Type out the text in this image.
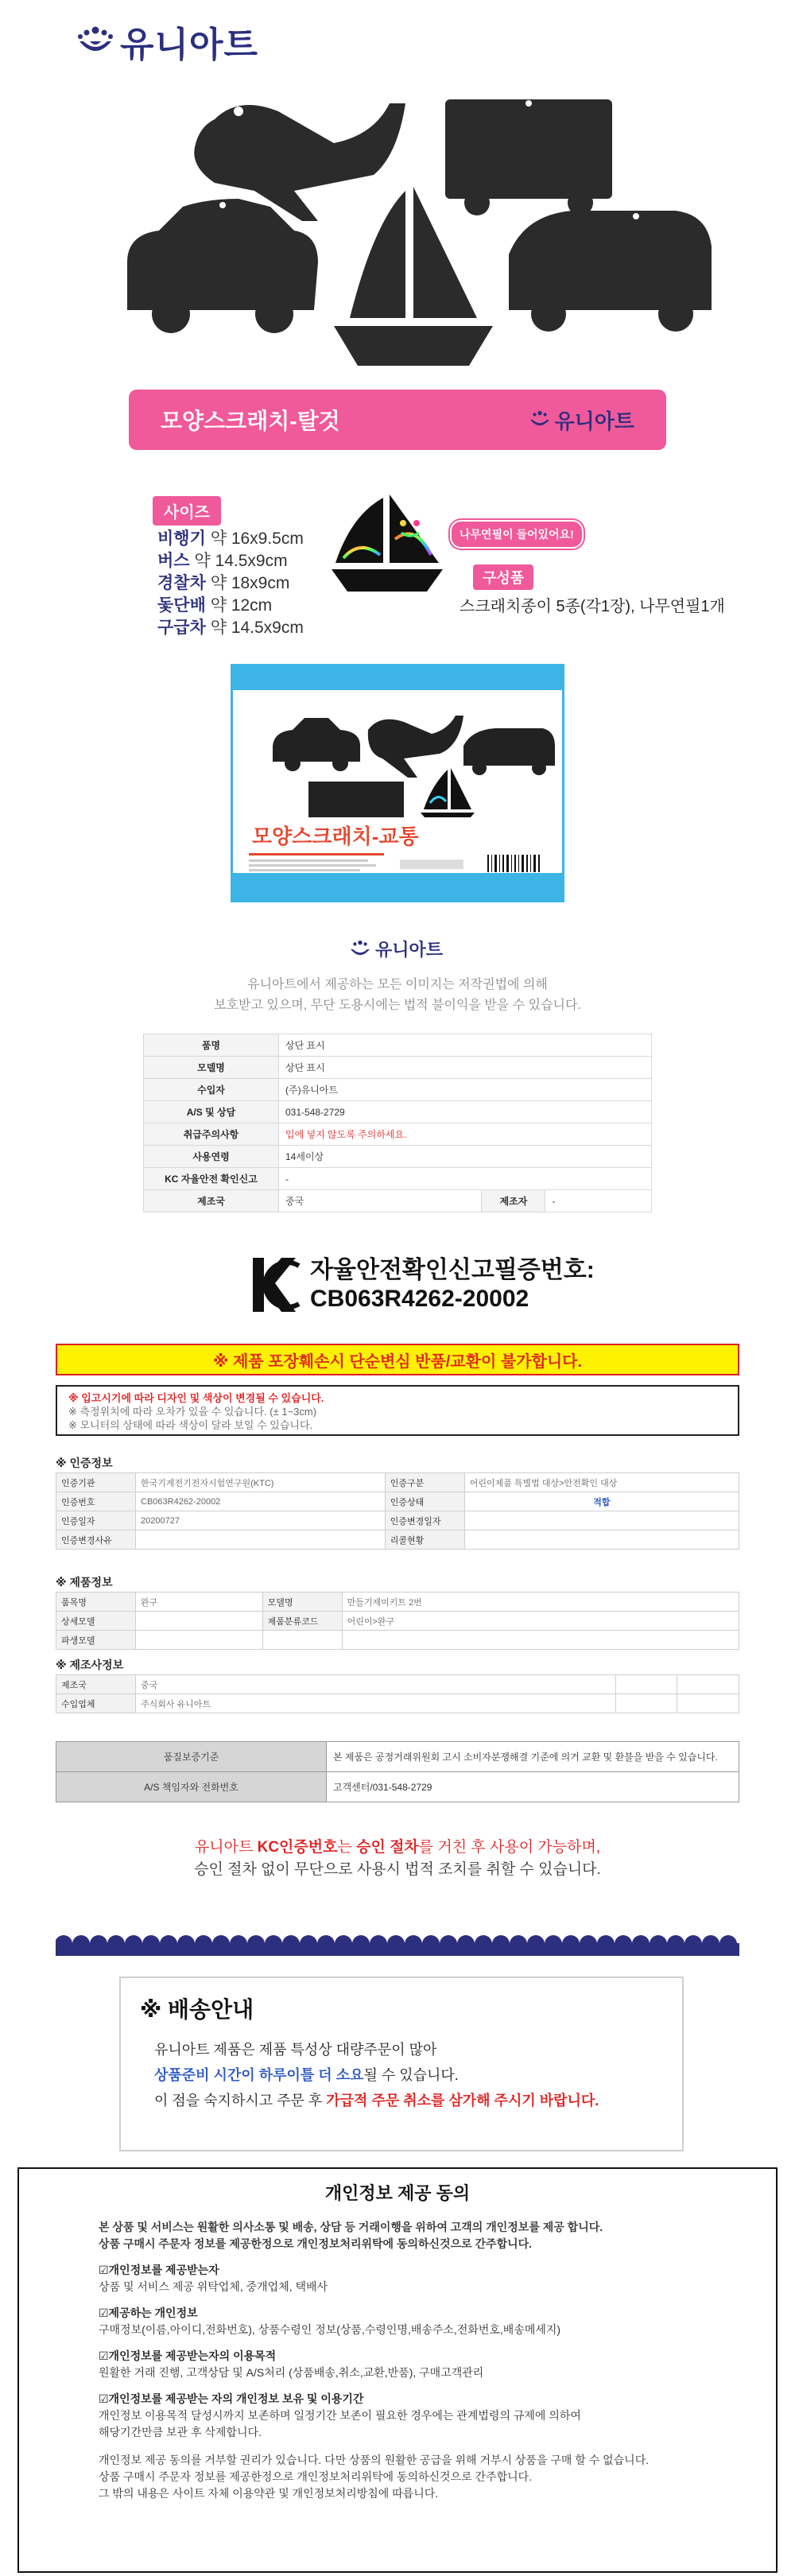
유니아트
모양스크래치-탈것	유니아트
사이즈
비행기 약 16x9.5cm
버스 약 14.5x9cm
경찰차 약 18x9cm
돛단배 약 12cm
구급차 약 14.5x9cm
나무연필이 들어있어요!
구성품
스크래치종이 5종(각1장), 나무연필1개
모양스크래치-교통
유니아트
유니아트에서 제공하는 모든 이미지는 저작권법에 의해
보호받고 있으며, 무단 도용시에는 법적 불이익을 받을 수 있습니다.
품명	상단 표시		
모델명	상단 표시		
수입자	(주)유니아트		
A/S 및 상담	031-548-2729		
취급주의사항	입에 넣지 않도록 주의하세요.		
사용연령	14세이상		
KC 자율안전 확인신고	-		
제조국	중국	제조자	-
자율안전확인신고필증번호:
CB063R4262-20002
※ 제품 포장훼손시 단순변심 반품/교환이 불가합니다.
※ 입고시기에 따라 디자인 및 색상이 변경될 수 있습니다.
※ 측정위치에 따라 오차가 있을 수 있습니다. (± 1~3cm)
※ 모니터의 상태에 따라 색상이 달라 보일 수 있습니다.
※ 인증정보
인증기관	한국기계전기전자시험연구원(KTC)	인증구분	어린이제품 특별법 대상>안전확인 대상
인증번호	CB063R4262-20002	인증상태	적합
인증일자	20200727	인증변경일자	
인증변경사유		리콜현황	
※ 제품정보
품목명	완구	모델명	만들기재미키트 2번
상세모델		제품분류코드	어린이>완구
파생모델			
※ 제조사정보
제조국	중국		
수입업체	주식회사 유니아트		
품질보증기준	본 제품은 공정거래위원회 고시 소비자분쟁해결 기준에 의거 교환 및 환불을 받을 수 있습니다.
A/S 책임자와 전화번호	고객센터/031-548-2729
유니아트 KC인증번호는 승인 절차를 거친 후 사용이 가능하며,
승인 절차 없이 무단으로 사용시 법적 조치를 취할 수 있습니다.
※ 배송안내

유니아트 제품은 제품 특성상 대량주문이 많아

상품준비 시간이 하루이틀 더 소요될 수 있습니다.

이 점을 숙지하시고 주문 후 가급적 주문 취소를 삼가해 주시기 바랍니다.

개인정보 제공 동의
본 상품 및 서비스는 원활한 의사소통 및 배송, 상담 등 거래이행을 위하여 고객의 개인정보를 제공 합니다.
상품 구매시 주문자 정보를 제공한정으로 개인정보처리위탁에 동의하신것으로 간주합니다.
☑개인정보를 제공받는자
상품 및 서비스 제공 위탁업체, 중개업체, 택배사
☑제공하는 개인정보
구매정보(이름,아이디,전화번호), 상품수령인 정보(상품,수령인명,배송주소,전화번호,배송메세지)
☑개인정보를 제공받는자의 이용목적
원활한 거래 진행, 고객상담 및 A/S처리 (상품배송,취소,교환,반품), 구매고객관리
☑개인정보를 제공받는 자의 개인정보 보유 및 이용기간
개인정보 이용목적 달성시까지 보존하며 일정기간 보존이 필요한 경우에는 관계법령의 규제에 의하여
해당기간만큼 보관 후 삭제합니다.
개인정보 제공 동의를 거부할 권리가 있습니다. 다만 상품의 원활한 공급을 위해 거부시 상품을 구매 할 수 없습니다.
상품 구매시 주문자 정보를 제공한정으로 개인정보처리위탁에 동의하신것으로 간주합니다.
그 밖의 내용은 사이트 자체 이용약관 및 개인정보처리방침에 따릅니다.
